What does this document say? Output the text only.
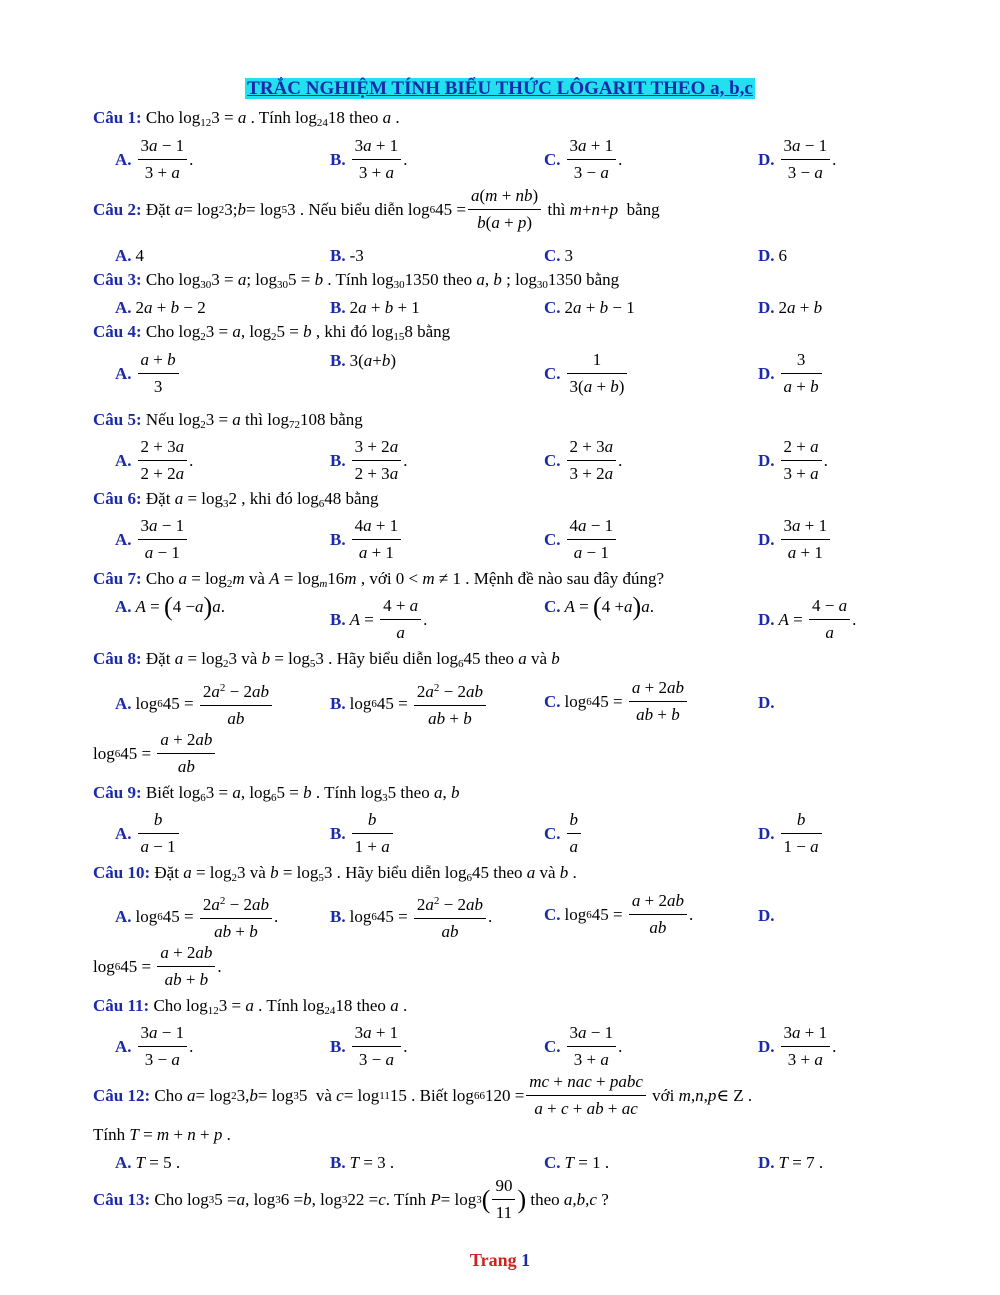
TRẮC NGHIỆM TÍNH BIỂU THỨC LÔGARIT THEO a, b,c
Câu 1: Cho $\log_{12}3 = a$ . Tính $\log_{24}18$ theo a .
A. $\frac{3a - 1}{3 + a}$ .	B. $\frac{3a + 1}{3 + a}$ .	C. $\frac{3a + 1}{3 - a}$ .	D. $\frac{3a - 1}{3 - a}$ .
Câu 2: Đặt a = log 2 3; b = log 5 3 . Nếu biểu diễn log 6 $45 = \frac{a(m + nb)}{b(a + p)}$ thì m + n + p bằng
A. 4	B. -3	C. 3	D. 6
Câu 3: Cho $\log_{30}3 = a$; $\log_{30}5 = b$ . Tính $\log_{30}1350$ theo a, b ; $\log_{30}1350$ bằng
A. 2a + b − 2	B. 2a + b + 1	C. 2a + b − 1	D. 2a + b
Câu 4: Cho $\log_23 = a$, $\log_25 = b$ , khi đó $\log_{15}8$ bằng
A. $\frac{a + b}{3}$	B. 3( a + b )
C. $\frac{1}{3(a + b)}$	D. $\frac{3}{a + b}$
Câu 5: Nếu $\log_23 = a$ thì $\log_{72}108$ bằng
A. $\frac{2 + 3a}{2 + 2a}$ .	B. $\frac{3 + 2a}{2 + 3a}$ .	C. $\frac{2 + 3a}{3 + 2a}$ .	D. $\frac{2 + a}{3 + a}$ .
Câu 6: Đặt $a = \log_32$ , khi đó $\log_648$ bằng
A. $\frac{3a - 1}{a - 1}$	B. $\frac{4a + 1}{a + 1}$	C. $\frac{4a - 1}{a - 1}$	D. $\frac{3a + 1}{a + 1}$
Câu 7: Cho $a = \log_2m$ và $A = \log_m16m$ , với 0 < m ≠ 1 . Mệnh đề nào sau đây đúng?
A. A = ( 4 − a ) a .
B. $A = \frac{4 + a}{a}$ .
C. A = ( 4 + a ) a .
D. $A = \frac{4 - a}{a}$ .
Câu 8: Đặt $a = \log_23$ và $b = \log_53$ . Hãy biểu diễn $\log_645$ theo a và b
A. log 6 $45 = \frac{2a^2 - 2ab}{ab}$	B. log 6 $45 = \frac{2a^2 - 2ab}{ab + b}$	C. log 6 $45 = \frac{a + 2ab}{ab + b}$	D.
log 6 $45 = \frac{a + 2ab}{ab}$
Câu 9: Biết $\log_63 = a$, $\log_65 = b$ . Tính $\log_35$ theo a, b
A. $\frac{b}{a - 1}$	B. $\frac{b}{1 + a}$	C. $\frac{b}{a}$	D. $\frac{b}{1 - a}$
Câu 10: Đặt $a = \log_23$ và $b = \log_53$ . Hãy biểu diễn $\log_645$ theo a và b .
A. log 6 $45 = \frac{2a^2 - 2ab}{ab + b}$ .	B. log 6 $45 = \frac{2a^2 - 2ab}{ab}$ .	C. log 6 $45 = \frac{a + 2ab}{ab}$ .	D.
log 6 $45 = \frac{a + 2ab}{ab + b}$ .
Câu 11: Cho $\log_{12}3 = a$ . Tính $\log_{24}18$ theo a .
A. $\frac{3a - 1}{3 - a}$ .	B. $\frac{3a + 1}{3 - a}$ .	C. $\frac{3a - 1}{3 + a}$ .	D. $\frac{3a + 1}{3 + a}$ .
Câu 12: Cho a = log 2 3, b = log 3 5  và c = log 11 15 . Biết log 66 $120 = \frac{\text{mc + nac + pabc}}{a + c + ab + ac}$ với m , n , p ∈ Z .
Tính T = m + n + p .
A. T = 5 .	B. T = 3 .	C. T = 1 .	D. T = 7 .
Câu 13: Cho log 3 5 = a , log 3 6 = b , log 3 22 = c . Tính P = log 3 ( $\frac{90}{11}$ ) theo a , b , c ?
Trang 1
